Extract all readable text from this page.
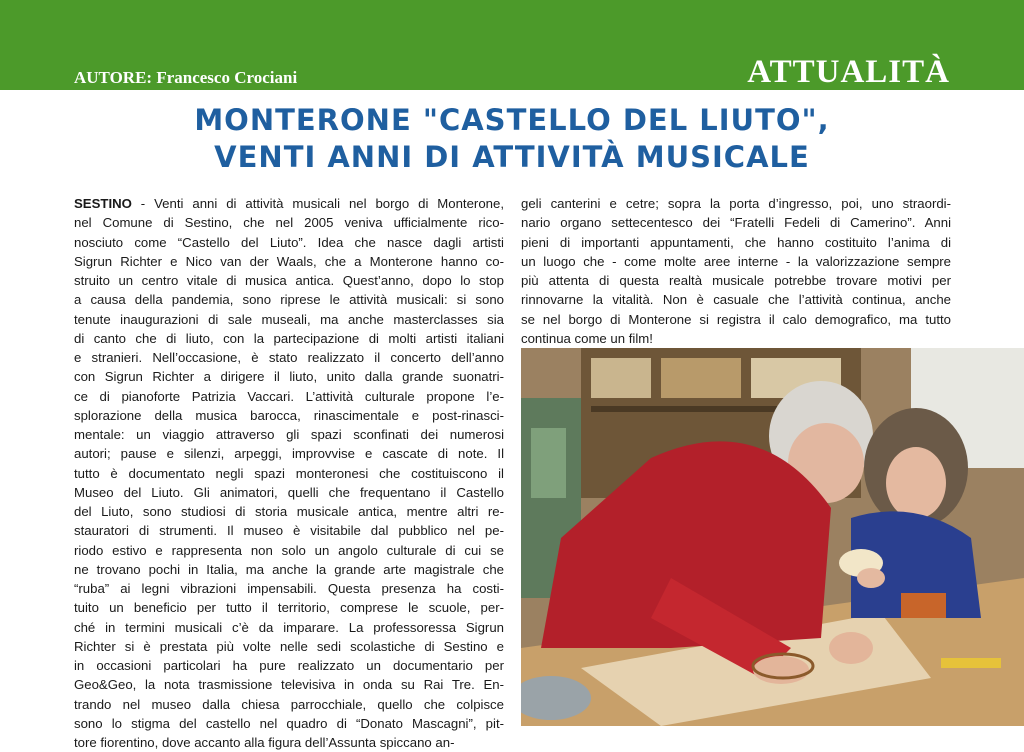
AUTORE: Francesco Crociani	ATTUALITÀ
MONTERONE "CASTELLO DEL LIUTO",
VENTI ANNI DI ATTIVITÀ MUSICALE
SESTINO - Venti anni di attività musicali nel borgo di Monterone,
nel Comune di Sestino, che nel 2005 veniva ufficialmente rico-
nosciuto come “Castello del Liuto”. Idea che nasce dagli artisti
Sigrun Richter e Nico van der Waals, che a Monterone hanno co-
struito un centro vitale di musica antica. Quest’anno, dopo lo stop
a causa della pandemia, sono riprese le attività musicali: si sono
tenute inaugurazioni di sale museali, ma anche masterclasses sia
di canto che di liuto, con la partecipazione di molti artisti italiani
e stranieri. Nell’occasione, è stato realizzato il concerto dell’anno
con Sigrun Richter a dirigere il liuto, unito dalla grande suonatri-
ce di pianoforte Patrizia Vaccari. L’attività culturale propone l’e-
splorazione della musica barocca, rinascimentale e post-rinasci-
mentale: un viaggio attraverso gli spazi sconfinati dei numerosi
autori; pause e silenzi, arpeggi, improvvise e cascate di note. Il
tutto è documentato negli spazi monteronesi che costituiscono il
Museo del Liuto. Gli animatori, quelli che frequentano il Castello
del Liuto, sono studiosi di storia musicale antica, mentre altri re-
stauratori di strumenti. Il museo è visitabile dal pubblico nel pe-
riodo estivo e rappresenta non solo un angolo culturale di cui se
ne trovano pochi in Italia, ma anche la grande arte magistrale che
“ruba” ai legni vibrazioni impensabili. Questa presenza ha costi-
tuito un beneficio per tutto il territorio, comprese le scuole, per-
ché in termini musicali c’è da imparare. La professoressa Sigrun
Richter si è prestata più volte nelle sedi scolastiche di Sestino e
in occasioni particolari ha pure realizzato un documentario per
Geo&Geo, la nota trasmissione televisiva in onda su Rai Tre. En-
trando nel museo dalla chiesa parrocchiale, quello che colpisce
sono lo stigma del castello nel quadro di “Donato Mascagni”, pit-
tore fiorentino, dove accanto alla figura dell’Assunta spiccano an-
geli canterini e cetre; sopra la porta d’ingresso, poi, uno straordi-
nario organo settecentesco dei “Fratelli Fedeli di Camerino”. Anni
pieni di importanti appuntamenti, che hanno costituito l’anima di
un luogo che - come molte aree interne - la valorizzazione sempre
più attenta di questa realtà musicale potrebbe trovare motivi per
rinnovarne la vitalità. Non è casuale che l’attività continua, anche
se nel borgo di Monterone si registra il calo demografico, ma tutto
continua come un film!
